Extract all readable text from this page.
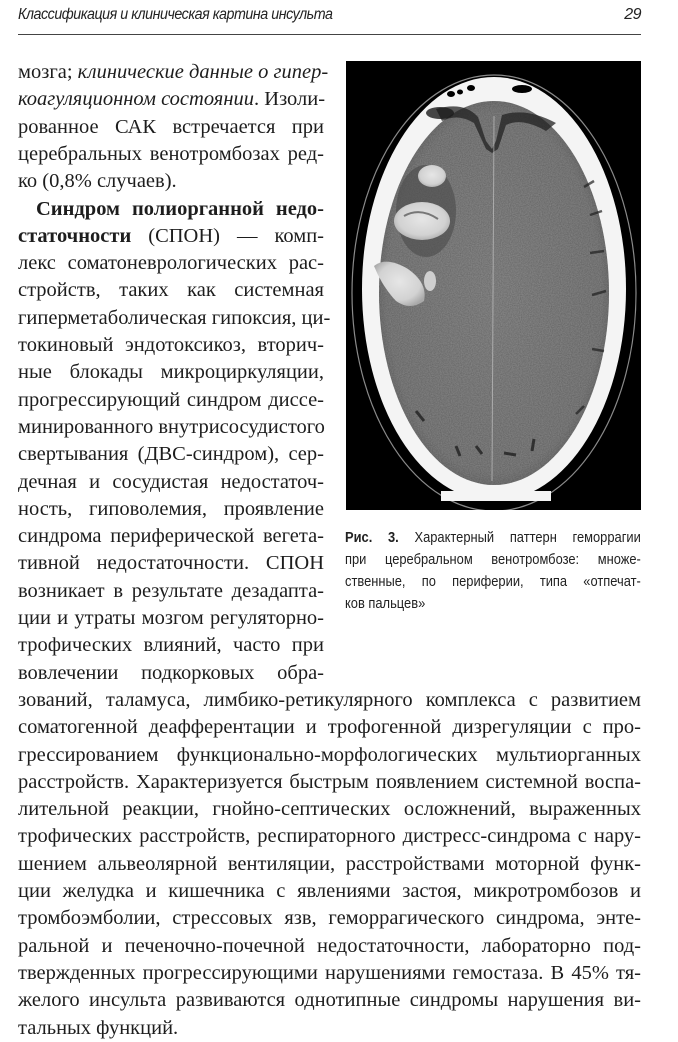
Классификация и клиническая картина инсульта	29
мозга; клинические данные о гипер-
коагуляционном состоянии. Изоли-
рованное САК встречается при
церебральных венотромбозах ред-
ко (0,8% случаев).
Синдром полиорганной недо-
статочности (СПОН) — комп-
лекс соматоневрологических рас-
стройств, таких как системная
гиперметаболическая гипоксия, ци-
токиновый эндотоксикоз, вторич-
ные блокады микроциркуляции,
прогрессирующий синдром диссе-
минированного внутрисосудистого
свертывания (ДВС-синдром), сер-
дечная и сосудистая недостаточ-
ность, гиповолемия, проявление
синдрома периферической вегета-
тивной недостаточности. СПОН
возникает в результате дезадапта-
ции и утраты мозгом регуляторно-
трофических влияний, часто при
вовлечении подкорковых обра-
зований, таламуса, лимбико-ретикулярного комплекса с развитием
соматогенной деафферентации и трофогенной дизрегуляции с про-
грессированием функционально-морфологических мультиорганных
расстройств. Характеризуется быстрым появлением системной воспа-
лительной реакции, гнойно-септических осложнений, выраженных
трофических расстройств, респираторного дистресс-синдрома с нару-
шением альвеолярной вентиляции, расстройствами моторной функ-
ции желудка и кишечника с явлениями застоя, микротромбозов и
тромбоэмболии, стрессовых язв, геморрагического синдрома, энте-
ральной и печеночно-почечной недостаточности, лабораторно под-
твержденных прогрессирующими нарушениями гемостаза. В 45% тя-
желого инсульта развиваются однотипные синдромы нарушения ви-
тальных функций.
Рис. 3. Характерный паттерн геморрагии
при церебральном венотромбозе: множе-
ственные, по периферии, типа «отпечат-
ков пальцев»
